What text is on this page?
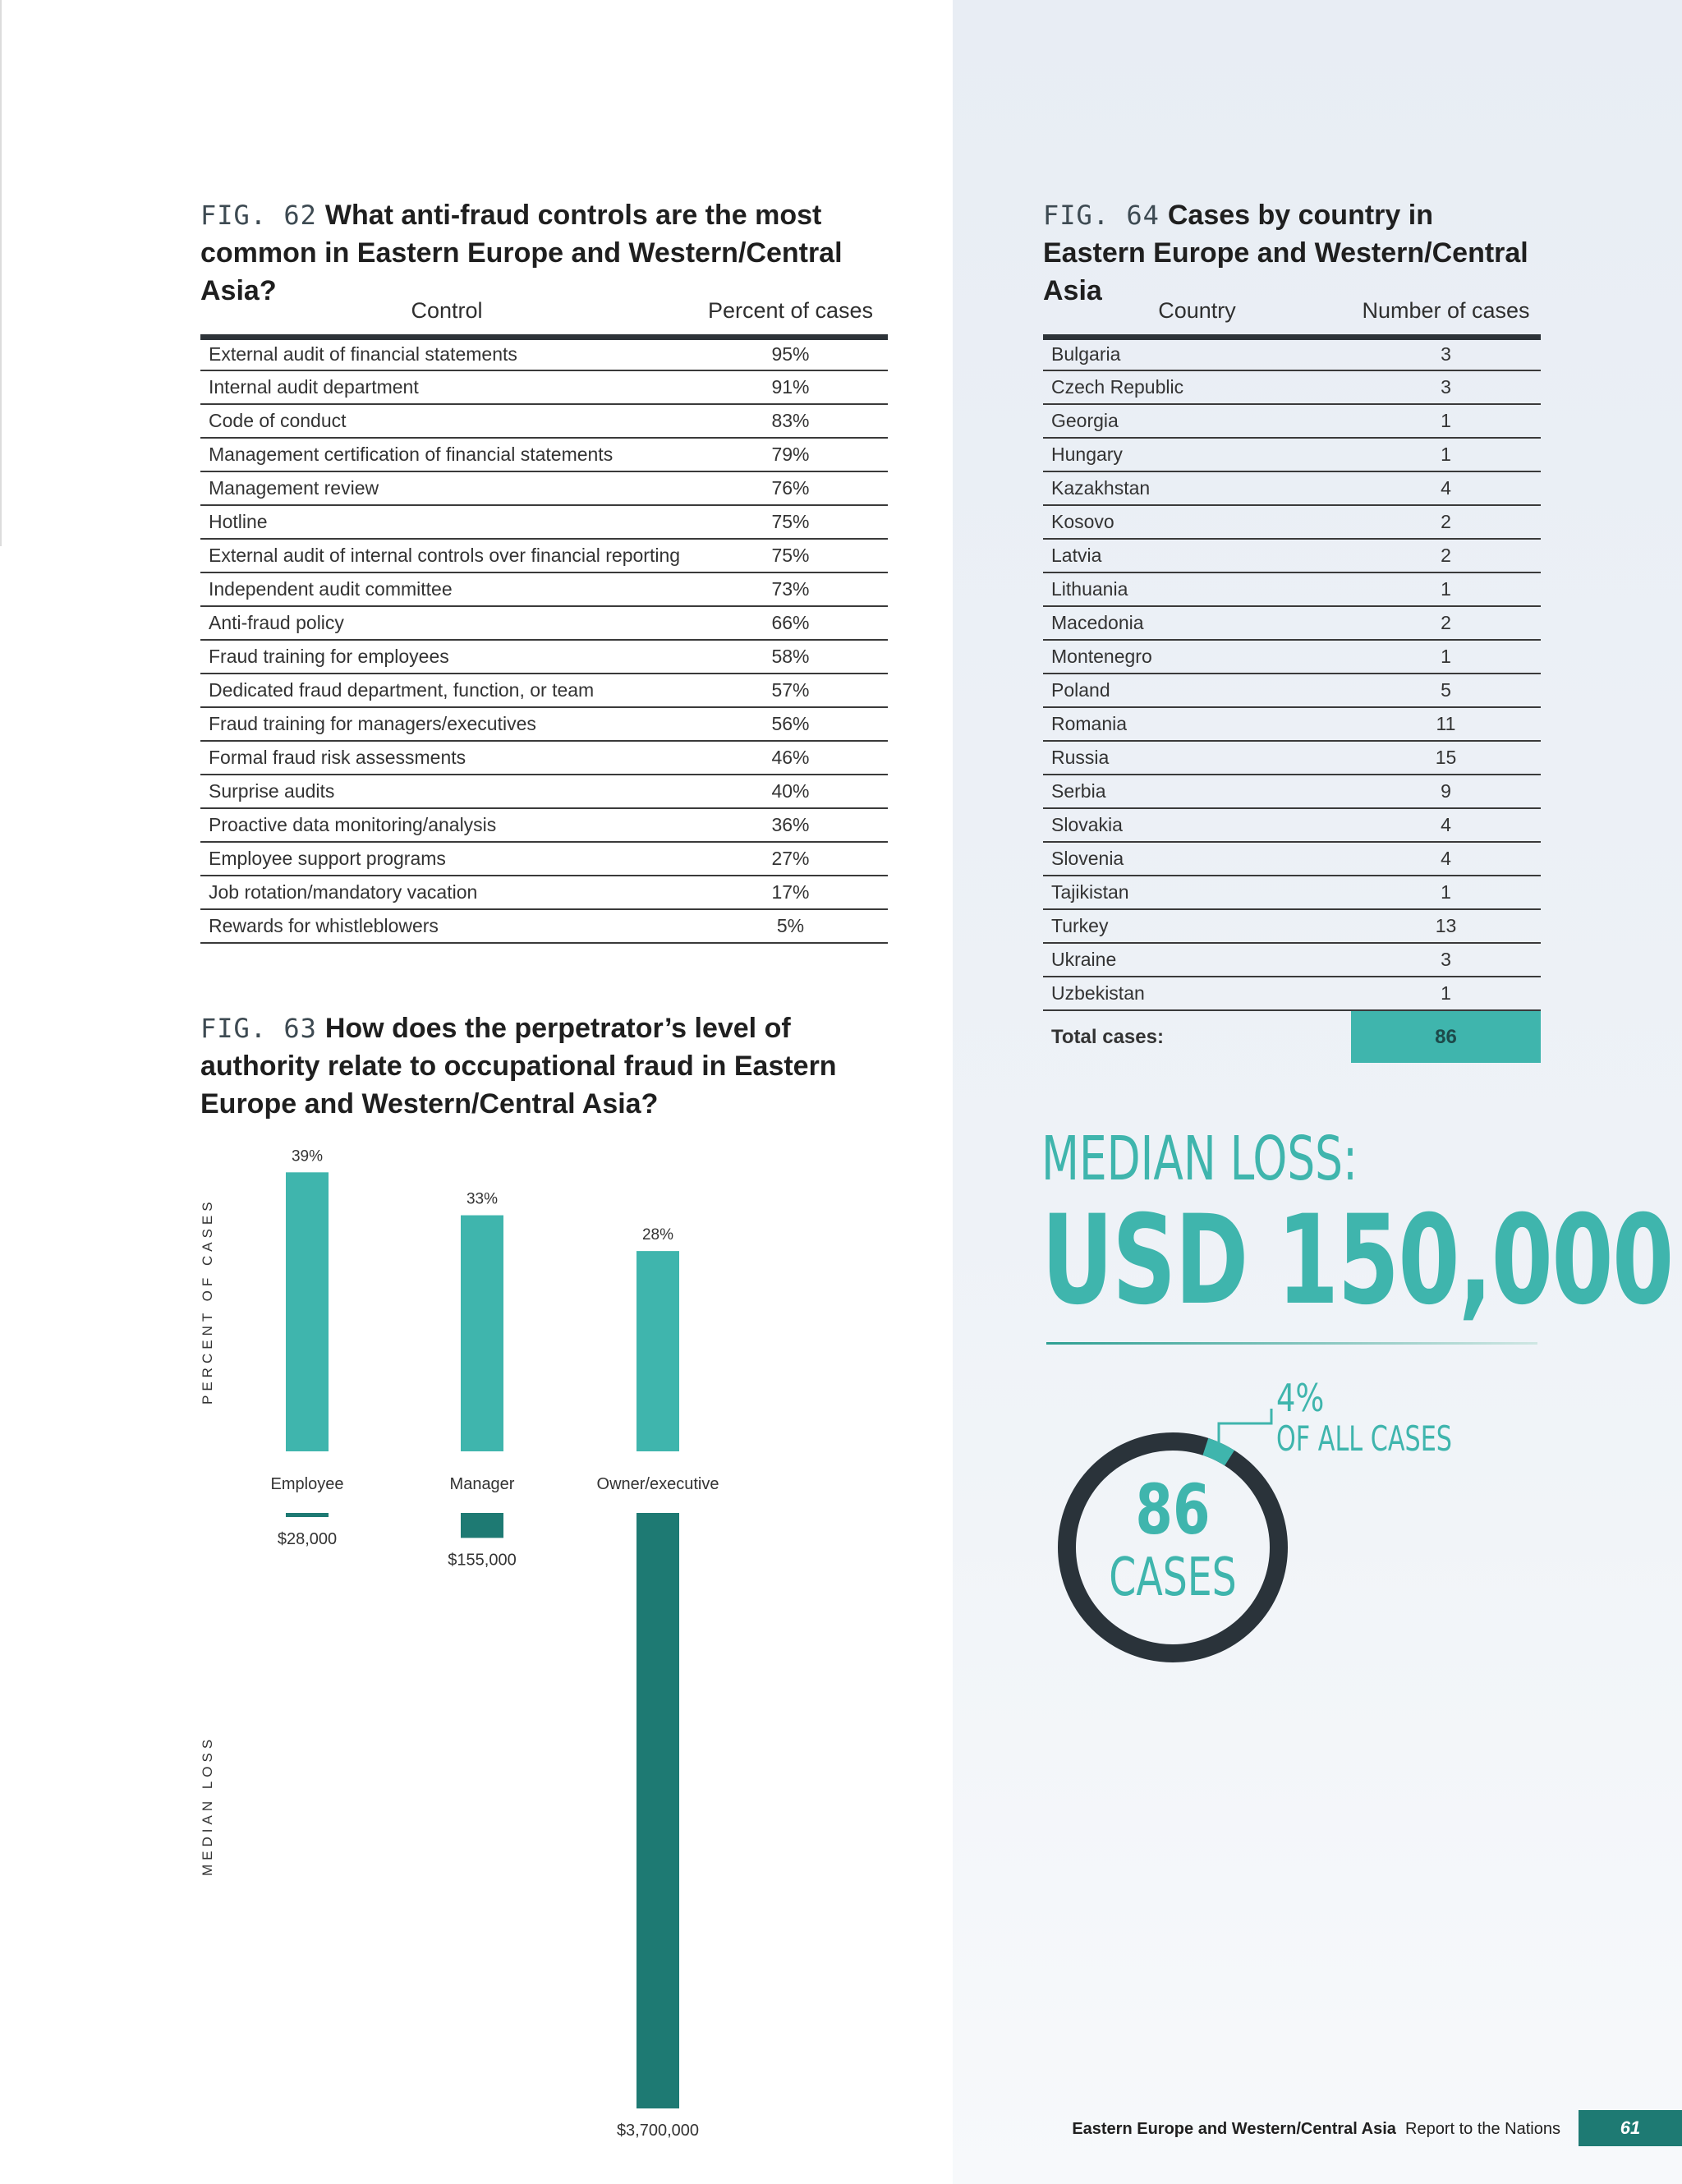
FIG. 62 What anti-fraud controls are the most common in Eastern Europe and Western/Central Asia?
Control	Percent of cases
External audit of financial statements	95%
Internal audit department	91%
Code of conduct	83%
Management certification of financial statements	79%
Management review	76%
Hotline	75%
External audit of internal controls over financial reporting	75%
Independent audit committee	73%
Anti-fraud policy	66%
Fraud training for employees	58%
Dedicated fraud department, function, or team	57%
Fraud training for managers/executives	56%
Formal fraud risk assessments	46%
Surprise audits	40%
Proactive data monitoring/analysis	36%
Employee support programs	27%
Job rotation/mandatory vacation	17%
Rewards for whistleblowers	5%
FIG. 64 Cases by country in Eastern Europe and Western/Central Asia
Country	Number of cases
Bulgaria	3
Czech Republic	3
Georgia	1
Hungary	1
Kazakhstan	4
Kosovo	2
Latvia	2
Lithuania	1
Macedonia	2
Montenegro	1
Poland	5
Romania	11
Russia	15
Serbia	9
Slovakia	4
Slovenia	4
Tajikistan	1
Turkey	13
Ukraine	3
Uzbekistan	1
Total cases:	86
FIG. 63 How does the perpetrator’s level of authority relate to occupational fraud in Eastern Europe and Western/Central Asia?
PERCENT OF CASES
MEDIAN LOSS
39%
Employee
$28,000
33%
Manager
$155,000
28%
Owner/executive
$3,700,000
MEDIAN LOSS:
USD 150,000
4%
OF ALL CASES
86
CASES
Eastern Europe and Western/Central Asia Report to the Nations	61
